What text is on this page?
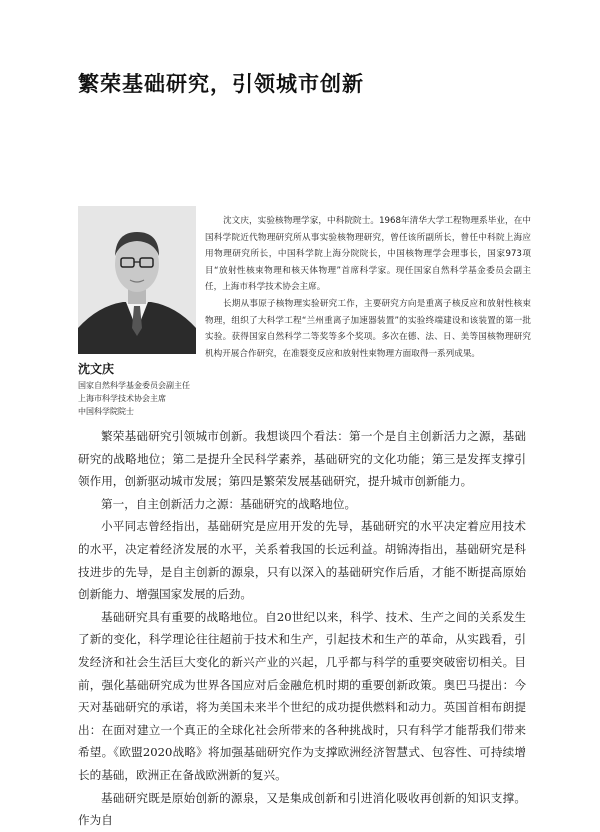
繁荣基础研究，引领城市创新

沈文庆，实验核物理学家，中科院院士。1968年清华大学工程物理系毕业，在中国科学院近代物理研究所从事实验核物理研究，曾任该所副所长，曾任中科院上海应用物理研究所长，中国科学院上海分院院长，中国核物理学会理事长，国家973项目“放射性核束物理和核天体物理”首席科学家。现任国家自然科学基金委员会副主任，上海市科学技术协会主席。

长期从事原子核物理实验研究工作，主要研究方向是重离子核反应和放射性核束物理，组织了大科学工程“兰州重离子加速器装置”的实验终端建设和该装置的第一批实验。获得国家自然科学二等奖等多个奖项。多次在德、法、日、美等国核物理研究机构开展合作研究，在准裂变反应和放射性束物理方面取得一系列成果。

沈文庆
国家自然科学基金委员会副主任
上海市科学技术协会主席
中国科学院院士

繁荣基础研究引领城市创新。我想谈四个看法：第一个是自主创新活力之源，基础研究的战略地位；第二是提升全民科学素养，基础研究的文化功能；第三是发挥支撑引领作用，创新驱动城市发展；第四是繁荣发展基础研究，提升城市创新能力。

第一，自主创新活力之源：基础研究的战略地位。

小平同志曾经指出，基础研究是应用开发的先导，基础研究的水平决定着应用技术的水平，决定着经济发展的水平，关系着我国的长远利益。胡锦涛指出，基础研究是科技进步的先导，是自主创新的源泉，只有以深入的基础研究作后盾，才能不断提高原始创新能力、增强国家发展的后劲。

基础研究具有重要的战略地位。自20世纪以来，科学、技术、生产之间的关系发生了新的变化，科学理论往往超前于技术和生产，引起技术和生产的革命，从实践看，引发经济和社会生活巨大变化的新兴产业的兴起，几乎都与科学的重要突破密切相关。目前，强化基础研究成为世界各国应对后金融危机时期的重要创新政策。奥巴马提出：今天对基础研究的承诺，将为美国未来半个世纪的成功提供燃料和动力。英国首相布朗提出：在面对建立一个真正的全球化社会所带来的各种挑战时，只有科学才能帮我们带来希望。《欧盟2020战略》将加强基础研究作为支撑欧洲经济智慧式、包容性、可持续增长的基础，欧洲正在备战欧洲新的复兴。

基础研究既是原始创新的源泉，又是集成创新和引进消化吸收再创新的知识支撑。作为自
